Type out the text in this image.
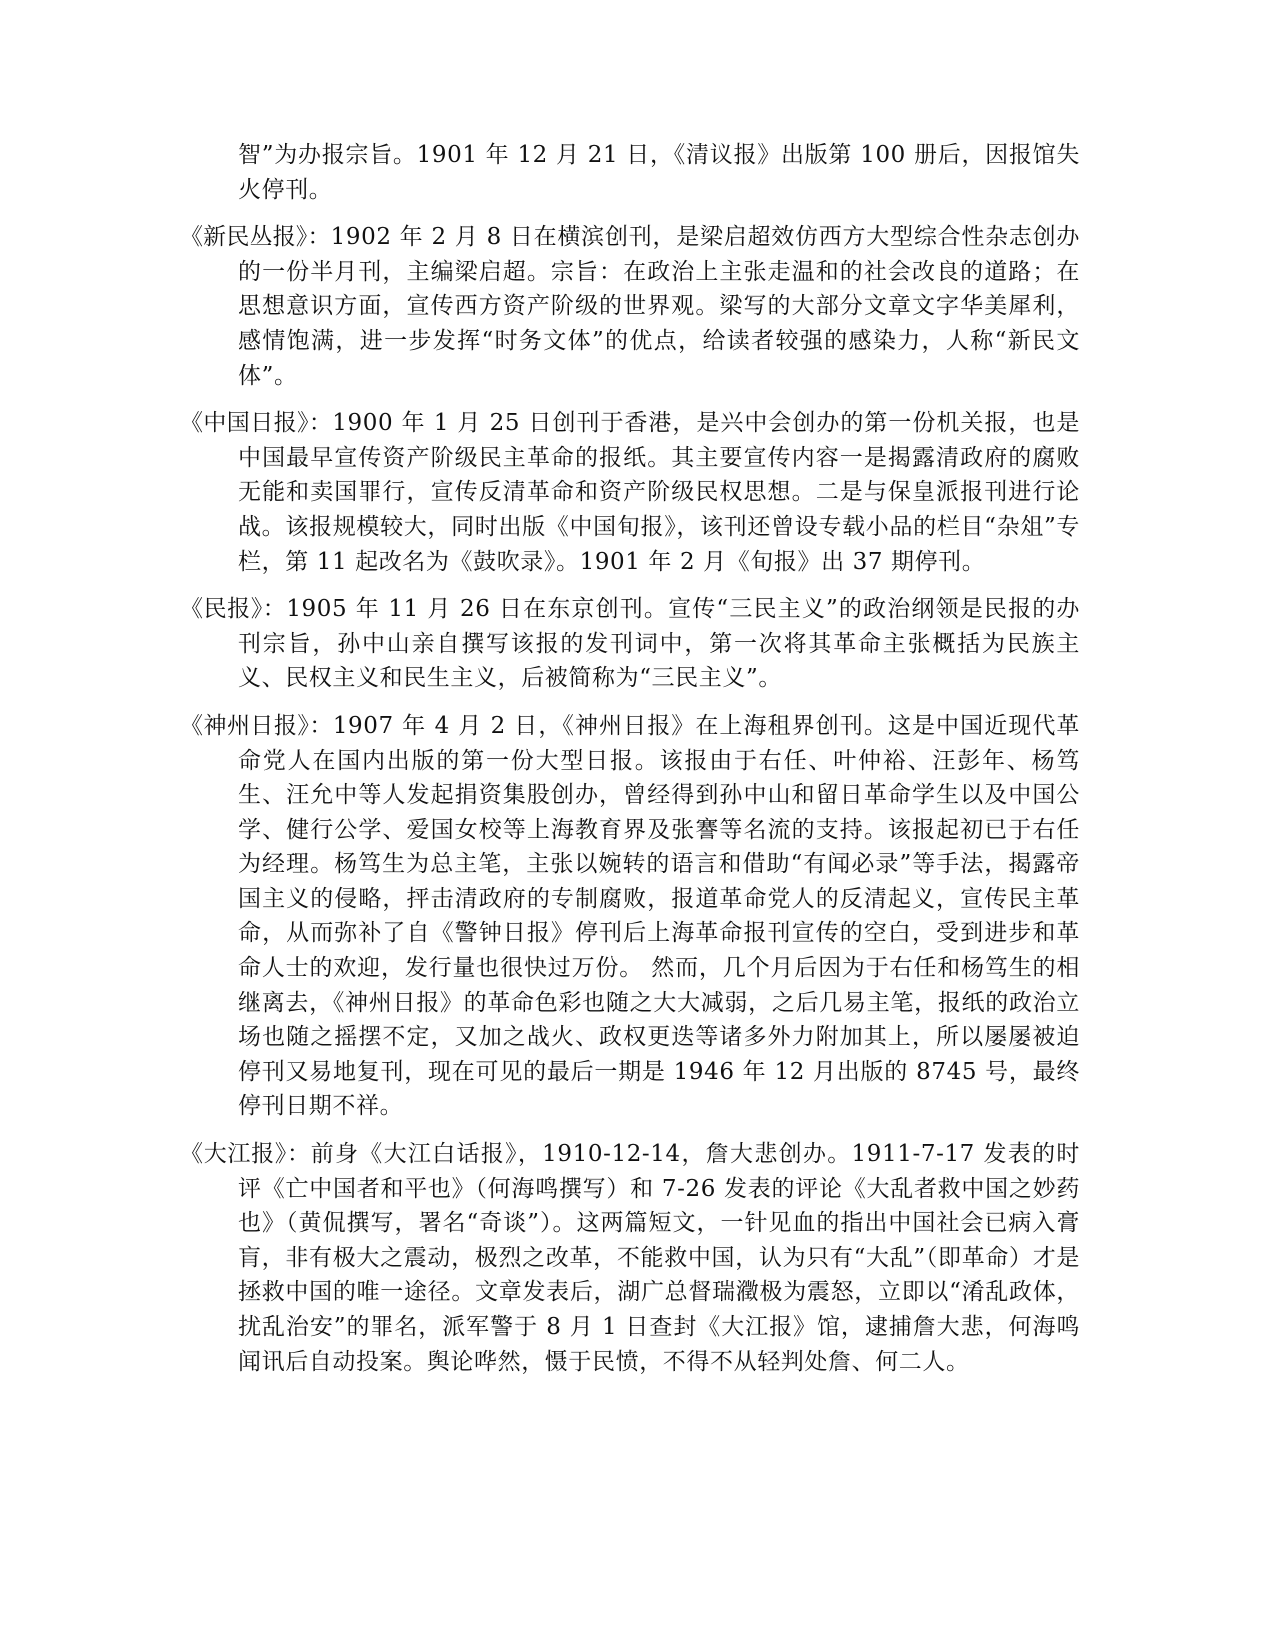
智”为办报宗旨。1901 年 12 月 21 日，《清议报》出版第 100 册后，因报馆失火停刊。

《新民丛报》：1902 年 2 月 8 日在横滨创刊，是梁启超效仿西方大型综合性杂志创办的一份半月刊，主编梁启超。宗旨：在政治上主张走温和的社会改良的道路；在思想意识方面，宣传西方资产阶级的世界观。梁写的大部分文章文字华美犀利，感情饱满，进一步发挥“时务文体”的优点，给读者较强的感染力，人称“新民文体”。

《中国日报》：1900 年 1 月 25 日创刊于香港，是兴中会创办的第一份机关报，也是中国最早宣传资产阶级民主革命的报纸。其主要宣传内容一是揭露清政府的腐败无能和卖国罪行，宣传反清革命和资产阶级民权思想。二是与保皇派报刊进行论战。该报规模较大，同时出版《中国旬报》，该刊还曾设专载小品的栏目“杂俎”专栏，第 11 起改名为《鼓吹录》。1901 年 2 月《旬报》出 37 期停刊。

《民报》：1905 年 11 月 26 日在东京创刊。宣传“三民主义”的政治纲领是民报的办刊宗旨，孙中山亲自撰写该报的发刊词中，第一次将其革命主张概括为民族主义、民权主义和民生主义，后被简称为“三民主义”。

《神州日报》：1907 年 4 月 2 日，《神州日报》在上海租界创刊。这是中国近现代革命党人在国内出版的第一份大型日报。该报由于右任、叶仲裕、汪彭年、杨笃生、汪允中等人发起捐资集股创办，曾经得到孙中山和留日革命学生以及中国公学、健行公学、爱国女校等上海教育界及张謇等名流的支持。该报起初已于右任为经理。杨笃生为总主笔，主张以婉转的语言和借助“有闻必录”等手法，揭露帝国主义的侵略，抨击清政府的专制腐败，报道革命党人的反清起义，宣传民主革命，从而弥补了自《警钟日报》停刊后上海革命报刊宣传的空白，受到进步和革命人士的欢迎，发行量也很快过万份。 然而，几个月后因为于右任和杨笃生的相继离去，《神州日报》的革命色彩也随之大大减弱，之后几易主笔，报纸的政治立场也随之摇摆不定，又加之战火、政权更迭等诸多外力附加其上，所以屡屡被迫停刊又易地复刊，现在可见的最后一期是 1946 年 12 月出版的 8745 号，最终停刊日期不祥。

《大江报》：前身《大江白话报》，1910-12-14，詹大悲创办。1911-7-17 发表的时评《亡中国者和平也》（何海鸣撰写）和 7-26 发表的评论《大乱者救中国之妙药也》（黄侃撰写，署名“奇谈”）。这两篇短文，一针见血的指出中国社会已病入膏肓，非有极大之震动，极烈之改革，不能救中国，认为只有“大乱”（即革命）才是拯救中国的唯一途径。文章发表后，湖广总督瑞瀓极为震怒，立即以“淆乱政体，扰乱治安”的罪名，派军警于 8 月 1 日查封《大江报》馆，逮捕詹大悲，何海鸣闻讯后自动投案。舆论哗然，慑于民愤，不得不从轻判处詹、何二人。
